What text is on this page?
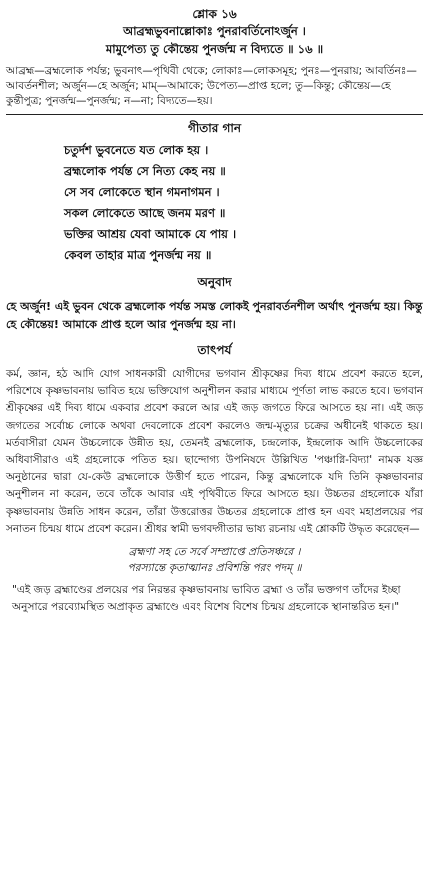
শ্লোক ১৬

আব্রহ্মভুবনাল্লোকাঃ পুনরাবর্তিনোঽর্জুন ।

মামুপেত্য তু কৌন্তেয় পুনর্জন্ম ন বিদ্যতে ॥ ১৬ ॥

আব্রহ্ম—ব্রহ্মলোক পর্যন্ত; ভুবনাৎ—পৃথিবী থেকে; লোকাঃ—লোকসমূহ; পুনঃ—পুনরায়; আবর্তিনঃ—আবর্তনশীল; অর্জুন—হে অর্জুন; মাম্—আমাকে; উপেত্য—প্রাপ্ত হলে; তু—কিন্তু; কৌন্তেয়—হে কুন্তীপুত্র; পুনর্জন্ম—পুনর্জন্ম; ন—না; বিদ্যতে—হয়।

গীতার গান

চতুর্দশ ভুবনেতে যত লোক হয় ।
ব্রহ্মলোক পর্যন্ত সে নিত্য কেহ নয় ॥
সে সব লোকেতে স্থান গমনাগমন ।
সকল লোকেতে আছে জনম মরণ ॥
ভক্তির আশ্রয় যেবা আমাকে যে পায় ।
কেবল তাহার মাত্র পুনর্জন্ম নয় ॥
অনুবাদ

হে অর্জুন! এই ভুবন থেকে ব্রহ্মলোক পর্যন্ত সমস্ত লোকই পুনরাবর্তনশীল অর্থাৎ পুনর্জন্ম হয়। কিন্তু হে কৌন্তেয়! আমাকে প্রাপ্ত হলে আর পুনর্জন্ম হয় না।

তাৎপর্য

কর্ম, জ্ঞান, হঠ আদি যোগ সাধনকারী যোগীদের ভগবান শ্রীকৃষ্ণের দিব্য ধামে প্রবেশ করতে হলে, পরিশেষে কৃষ্ণভাবনায় ভাবিত হয়ে ভক্তিযোগ অনুশীলন করার মাধ্যমে পূর্ণতা লাভ করতে হবে। ভগবান শ্রীকৃষ্ণের এই দিব্য ধামে একবার প্রবেশ করলে আর এই জড় জগতে ফিরে আসতে হয় না। এই জড় জগতের সর্বোচ্চ লোকে অথবা দেবলোকে প্রবেশ করলেও জন্ম-মৃত্যুর চক্রের অধীনেই থাকতে হয়। মর্তবাসীরা যেমন উচ্চলোকে উন্নীত হয়, তেমনই ব্রহ্মলোক, চন্দ্রলোক, ইন্দ্রলোক আদি উচ্চলোকের অধিবাসীরাও এই গ্রহলোকে পতিত হয়। ছান্দোগ্য উপনিষদে উল্লিখিত 'পঞ্চাগ্নি-বিদ্যা' নামক যজ্ঞ অনুষ্ঠানের দ্বারা যে-কেউ ব্রহ্মলোকে উত্তীর্ণ হতে পারেন, কিন্তু ব্রহ্মলোকে যদি তিনি কৃষ্ণভাবনার অনুশীলন না করেন, তবে তাঁকে আবার এই পৃথিবীতে ফিরে আসতে হয়। উচ্চতর গ্রহলোকে যাঁরা কৃষ্ণভাবনায় উন্নতি সাধন করেন, তাঁরা উত্তরোত্তর উচ্চতর গ্রহলোকে প্রাপ্ত হন এবং মহাপ্রলয়ের পর সনাতন চিন্ময় ধামে প্রবেশ করেন। শ্রীধর স্বামী ভগবদ্গীতার ভাষ্য রচনায় এই শ্লোকটি উদ্ধৃত করেছেন—

ব্রহ্মণা সহ তে সর্বে সম্প্রাপ্তে প্রতিসঞ্চরে ।
পরস্যান্তে কৃতাত্মানঃ প্রবিশন্তি পরং পদম্ ॥

"এই জড় ব্রহ্মাণ্ডের প্রলয়ের পর নিরন্তর কৃষ্ণভাবনায় ভাবিত ব্রহ্মা ও তাঁর ভক্তগণ তাঁদের ইচ্ছা অনুসারে পরব্যোমস্থিত অপ্রাকৃত ব্রহ্মাণ্ডে এবং বিশেষ বিশেষ চিন্ময় গ্রহলোকে স্থানান্তরিত হন।"
